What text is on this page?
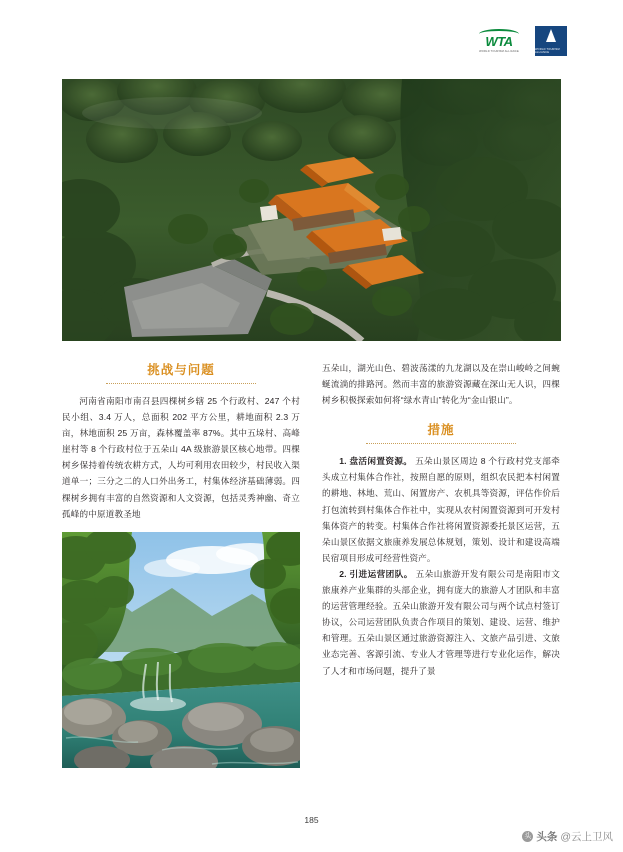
WTA
WORLD TOURISM ALLIANCE
WORLD TOURISM ALLIANCE
挑战与问题

河南省南阳市南召县四棵树乡辖 25 个行政村、247 个村民小组、3.4 万人，总面积 202 平方公里，耕地面积 2.3 万亩，林地面积 25 万亩，森林覆盖率 87%。其中五垛村、高峰崖村等 8 个行政村位于五朵山 4A 级旅游景区核心地带。四棵树乡保持着传统农耕方式，人均可利用农田较少，村民收入渠道单一；三分之二的人口外出务工，村集体经济基础薄弱。四棵树乡拥有丰富的自然资源和人文资源，包括灵秀神幽、奇立孤峰的中原道教圣地

五朵山，湖光山色、碧波荡漾的九龙湖以及在崇山峻岭之间蜿蜒流淌的排路河。然而丰富的旅游资源藏在深山无人识，四棵树乡积极探索如何将“绿水青山”转化为“金山银山”。

措施

1. 盘活闲置资源。 五朵山景区周边 8 个行政村党支部牵头成立村集体合作社，按照自愿的原则，组织农民把本村闲置的耕地、林地、荒山、闲置房产、农机具等资源，评估作价后打包流转到村集体合作社中，实现从农村闲置资源到可开发村集体资产的转变。村集体合作社将闲置资源委托景区运营，五朵山景区依据文旅康养发展总体规划，策划、设计和建设高端民宿项目形成可经营性资产。

2. 引进运营团队。 五朵山旅游开发有限公司是南阳市文旅康养产业集群的头部企业，拥有庞大的旅游人才团队和丰富的运营管理经验。五朵山旅游开发有限公司与两个试点村签订协议，公司运营团队负责合作项目的策划、建设、运营、维护和管理。五朵山景区通过旅游资源注入、文旅产品引进、文旅业态完善、客源引流、专业人才管理等进行专业化运作，解决了人才和市场问题，提升了景

185
头 头条 @云上卫风
